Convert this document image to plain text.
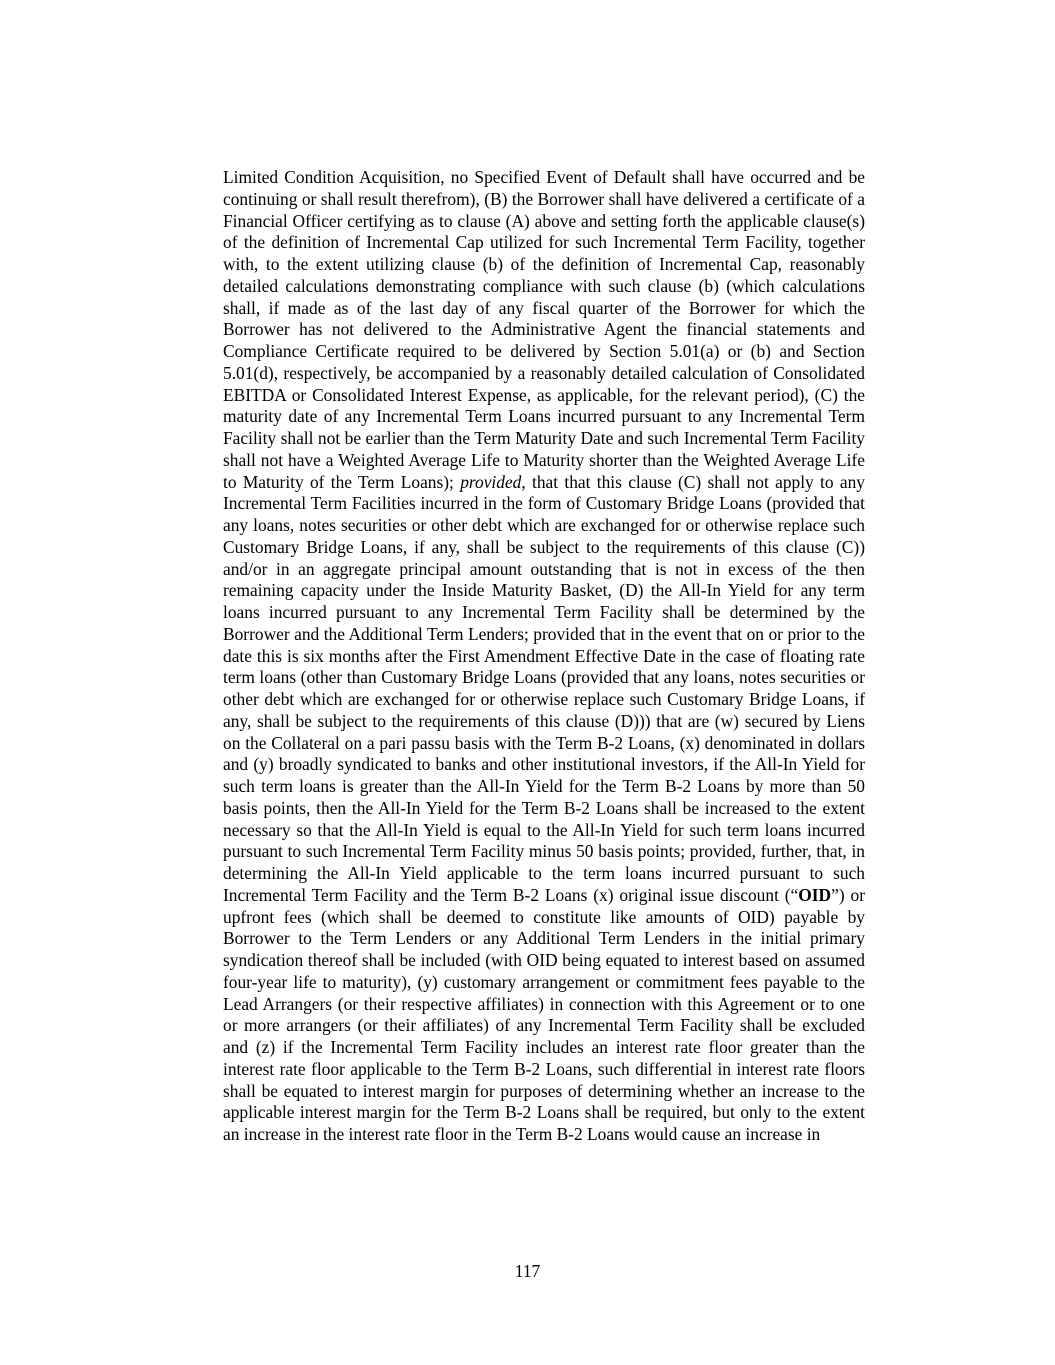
Limited Condition Acquisition, no Specified Event of Default shall have occurred and be continuing or shall result therefrom), (B) the Borrower shall have delivered a certificate of a Financial Officer certifying as to clause (A) above and setting forth the applicable clause(s) of the definition of Incremental Cap utilized for such Incremental Term Facility, together with, to the extent utilizing clause (b) of the definition of Incremental Cap, reasonably detailed calculations demonstrating compliance with such clause (b) (which calculations shall, if made as of the last day of any fiscal quarter of the Borrower for which the Borrower has not delivered to the Administrative Agent the financial statements and Compliance Certificate required to be delivered by Section 5.01(a) or (b) and Section 5.01(d), respectively, be accompanied by a reasonably detailed calculation of Consolidated EBITDA or Consolidated Interest Expense, as applicable, for the relevant period), (C) the maturity date of any Incremental Term Loans incurred pursuant to any Incremental Term Facility shall not be earlier than the Term Maturity Date and such Incremental Term Facility shall not have a Weighted Average Life to Maturity shorter than the Weighted Average Life to Maturity of the Term Loans); provided, that that this clause (C) shall not apply to any Incremental Term Facilities incurred in the form of Customary Bridge Loans (provided that any loans, notes securities or other debt which are exchanged for or otherwise replace such Customary Bridge Loans, if any, shall be subject to the requirements of this clause (C)) and/or in an aggregate principal amount outstanding that is not in excess of the then remaining capacity under the Inside Maturity Basket, (D) the All-In Yield for any term loans incurred pursuant to any Incremental Term Facility shall be determined by the Borrower and the Additional Term Lenders; provided that in the event that on or prior to the date this is six months after the First Amendment Effective Date in the case of floating rate term loans (other than Customary Bridge Loans (provided that any loans, notes securities or other debt which are exchanged for or otherwise replace such Customary Bridge Loans, if any, shall be subject to the requirements of this clause (D))) that are (w) secured by Liens on the Collateral on a pari passu basis with the Term B-2 Loans, (x) denominated in dollars and (y) broadly syndicated to banks and other institutional investors, if the All-In Yield for such term loans is greater than the All-In Yield for the Term B-2 Loans by more than 50 basis points, then the All-In Yield for the Term B-2 Loans shall be increased to the extent necessary so that the All-In Yield is equal to the All-In Yield for such term loans incurred pursuant to such Incremental Term Facility minus 50 basis points; provided, further, that, in determining the All-In Yield applicable to the term loans incurred pursuant to such Incremental Term Facility and the Term B-2 Loans (x) original issue discount (“OID”) or upfront fees (which shall be deemed to constitute like amounts of OID) payable by Borrower to the Term Lenders or any Additional Term Lenders in the initial primary syndication thereof shall be included (with OID being equated to interest based on assumed four-year life to maturity), (y) customary arrangement or commitment fees payable to the Lead Arrangers (or their respective affiliates) in connection with this Agreement or to one or more arrangers (or their affiliates) of any Incremental Term Facility shall be excluded and (z) if the Incremental Term Facility includes an interest rate floor greater than the interest rate floor applicable to the Term B-2 Loans, such differential in interest rate floors shall be equated to interest margin for purposes of determining whether an increase to the applicable interest margin for the Term B-2 Loans shall be required, but only to the extent an increase in the interest rate floor in the Term B-2 Loans would cause an increase in

117
